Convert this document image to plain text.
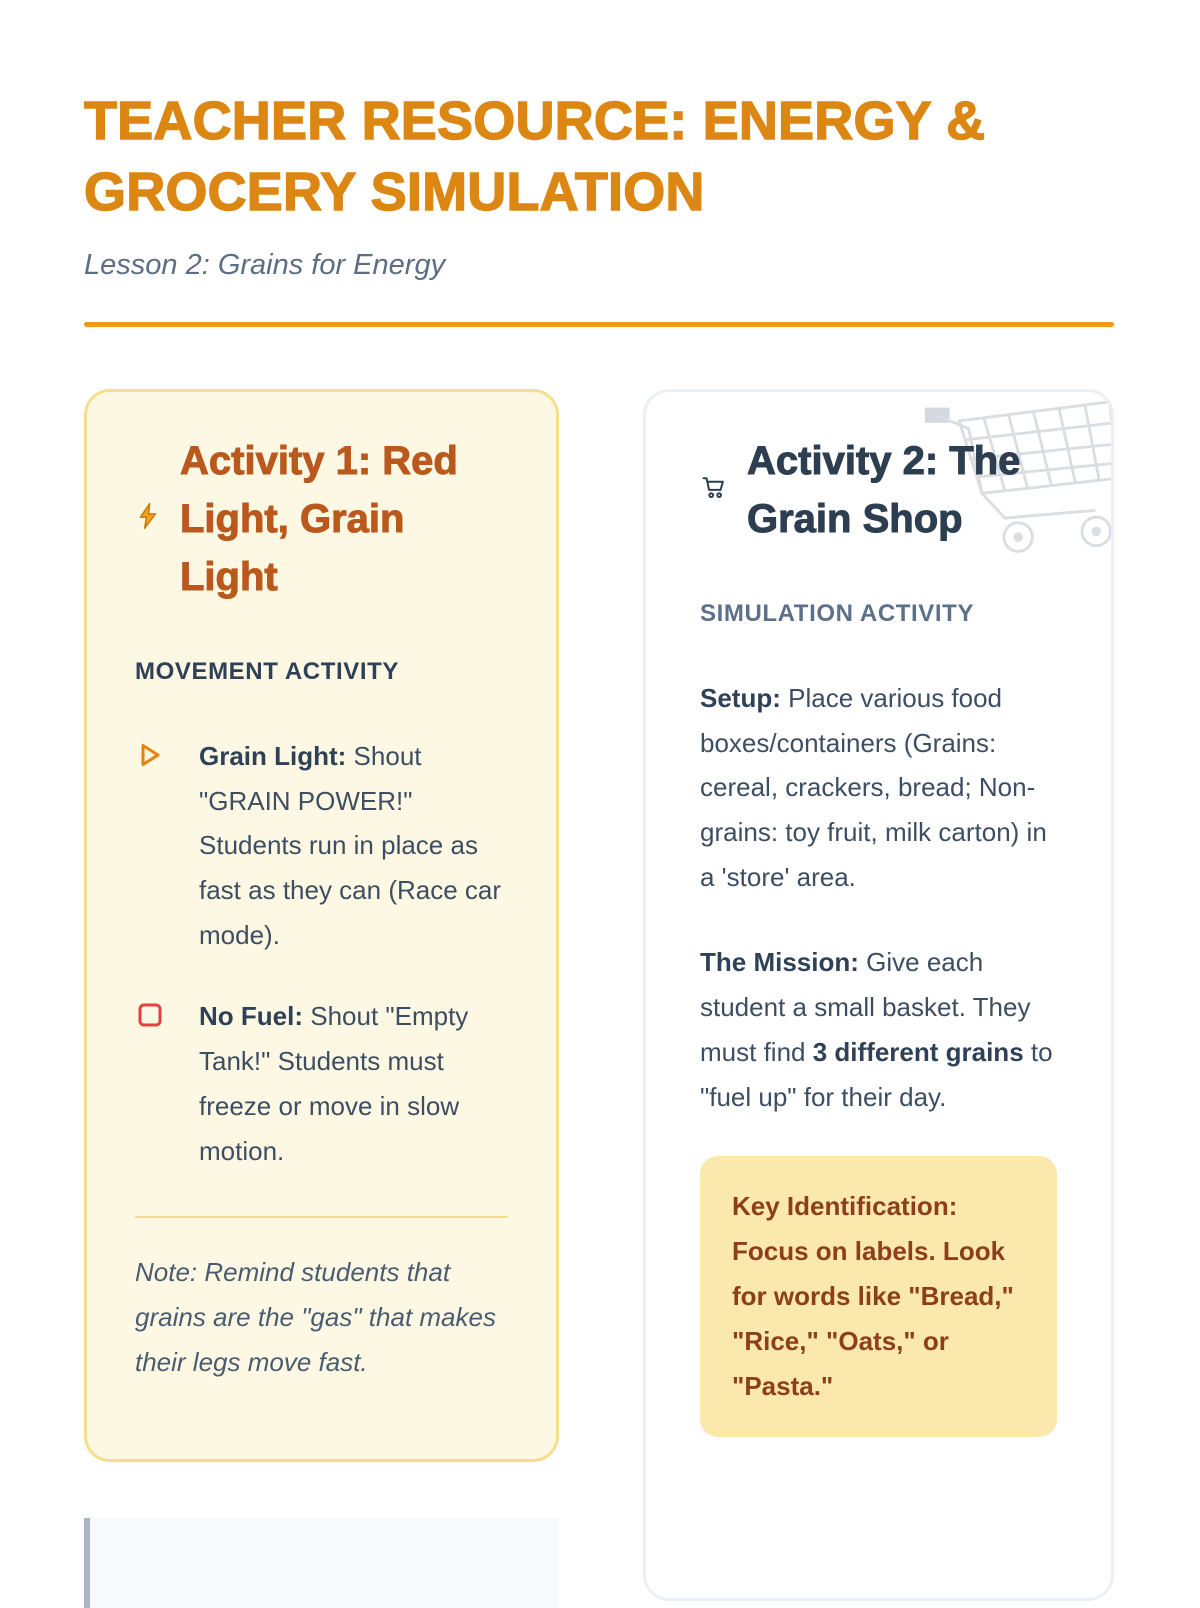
TEACHER RESOURCE: ENERGY & GROCERY SIMULATION

Lesson 2: Grains for Energy

Activity 1: Red Light, Grain Light
MOVEMENT ACTIVITY
Grain Light: Shout "GRAIN POWER!" Students run in place as fast as they can (Race car mode).
No Fuel: Shout "Empty Tank!" Students must freeze or move in slow motion.

Note: Remind students that grains are the "gas" that makes their legs move fast.

Activity 2: The Grain Shop
SIMULATION ACTIVITY

Setup: Place various food boxes/containers (Grains: cereal, crackers, bread; Non-grains: toy fruit, milk carton) in a 'store' area.

The Mission: Give each student a small basket. They must find 3 different grains to "fuel up" for their day.

Key Identification: Focus on labels. Look for words like "Bread," "Rice," "Oats," or "Pasta."
